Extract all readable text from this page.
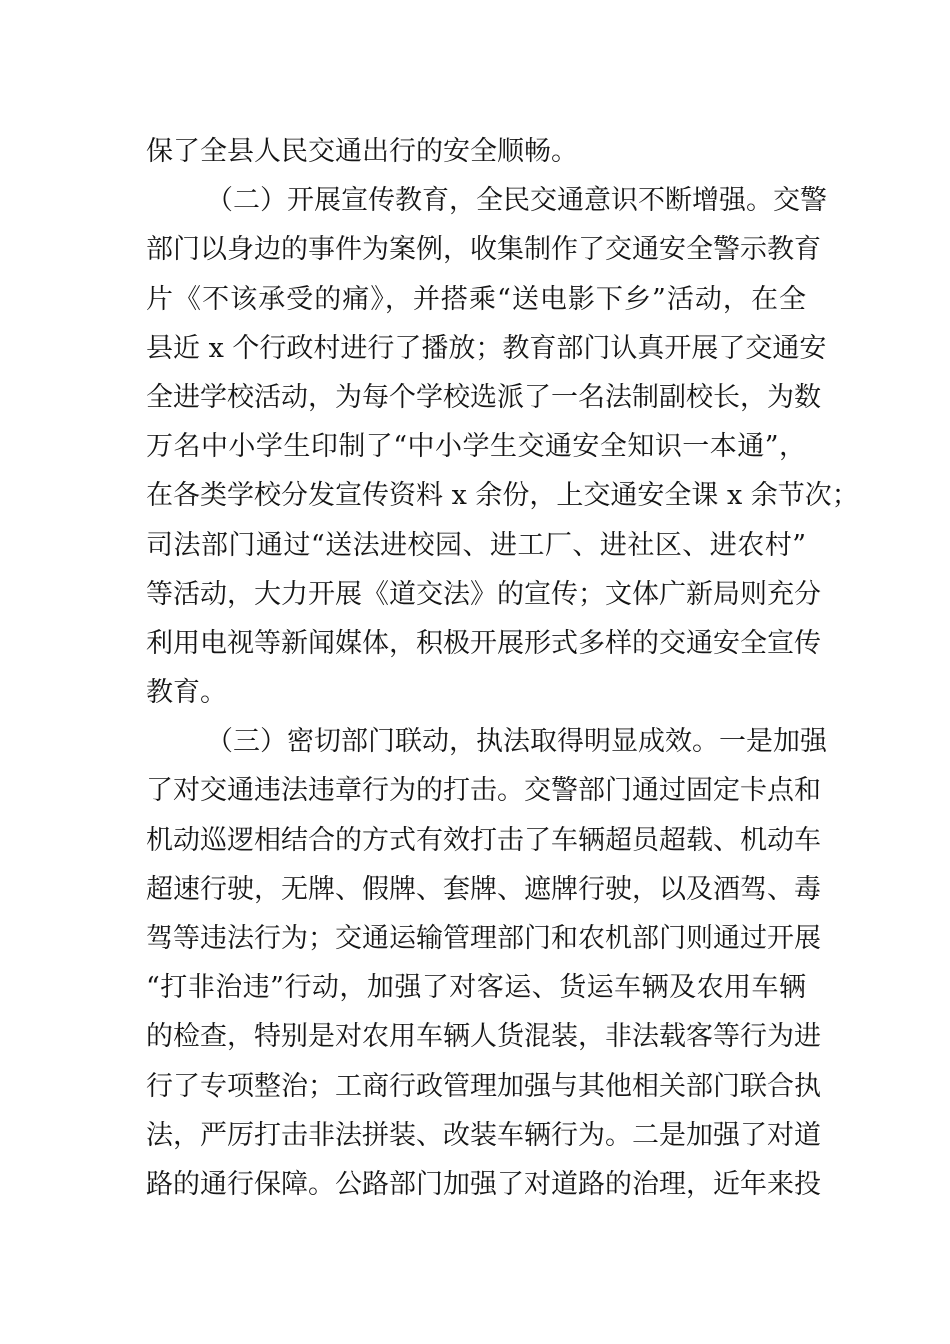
保了全县人民交通出行的安全顺畅。
（二）开展宣传教育，全民交通意识不断增强。交警
部门以身边的事件为案例，收集制作了交通安全警示教育
片《不该承受的痛》，并搭乘“送电影下乡”活动，在全
县近 x 个行政村进行了播放；教育部门认真开展了交通安
全进学校活动，为每个学校选派了一名法制副校长，为数
万名中小学生印制了“中小学生交通安全知识一本通”，
在各类学校分发宣传资料 x 余份，上交通安全课 x 余节次；
司法部门通过“送法进校园、进工厂、进社区、进农村”
等活动，大力开展《道交法》的宣传；文体广新局则充分
利用电视等新闻媒体，积极开展形式多样的交通安全宣传
教育。
（三）密切部门联动，执法取得明显成效。一是加强
了对交通违法违章行为的打击。交警部门通过固定卡点和
机动巡逻相结合的方式有效打击了车辆超员超载、机动车
超速行驶，无牌、假牌、套牌、遮牌行驶，以及酒驾、毒
驾等违法行为；交通运输管理部门和农机部门则通过开展
“打非治违”行动，加强了对客运、货运车辆及农用车辆
的检查，特别是对农用车辆人货混装，非法载客等行为进
行了专项整治；工商行政管理加强与其他相关部门联合执
法，严厉打击非法拼装、改装车辆行为。二是加强了对道
路的通行保障。公路部门加强了对道路的治理，近年来投
